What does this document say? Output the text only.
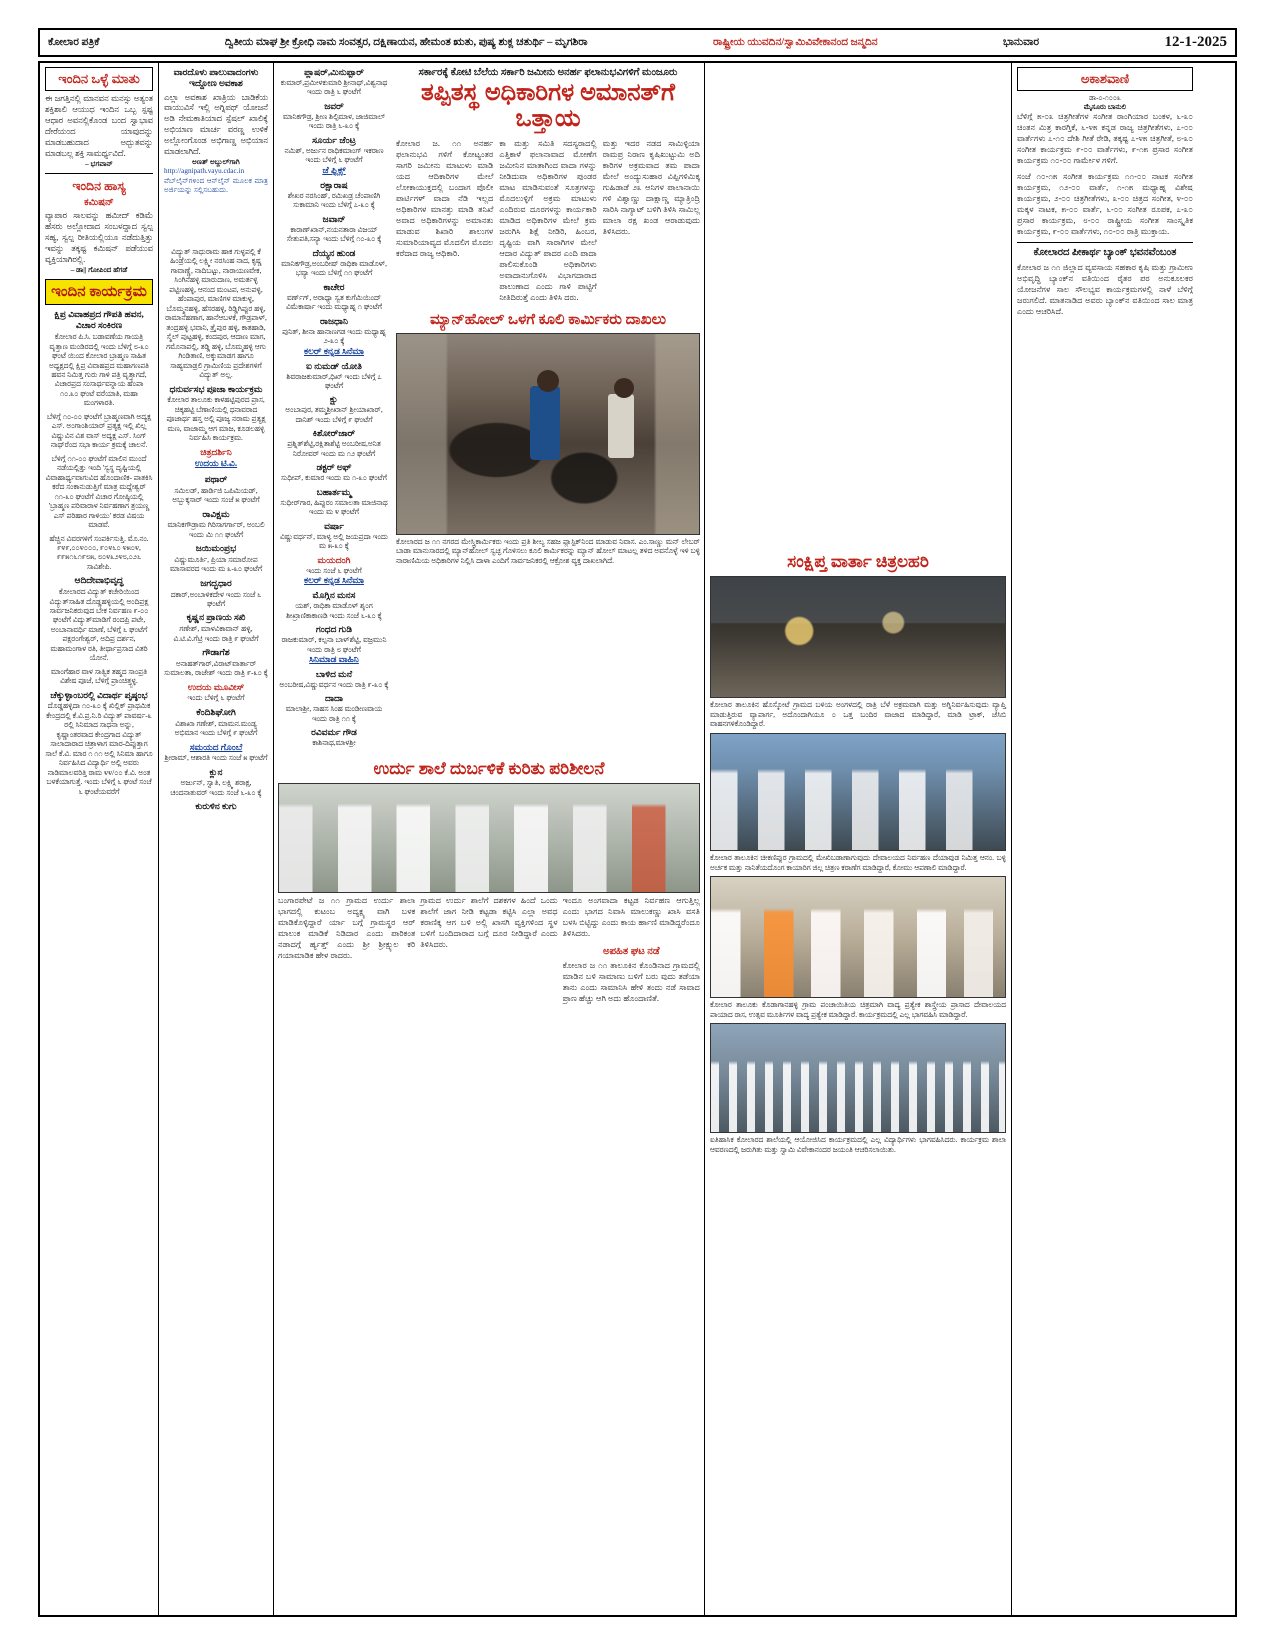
ಕೋಲಾರ ಪತ್ರಿಕೆ	ದ್ವಿತೀಯ ಮಾಘ ಶ್ರೀ ಕ್ರೋಧಿ ನಾಮ ಸಂವತ್ಸರ, ದಕ್ಷಿಣಾಯನ, ಹೇಮಂತ ಋತು, ಪುಷ್ಯ ಶುಕ್ಲ ಚತುರ್ಥಿ – ಮೃಗಶಿರಾ	ರಾಷ್ಟ್ರೀಯ ಯುವದಿನ/ಸ್ವಾಮಿವಿವೇಕಾನಂದ ಜನ್ಮದಿನ	ಭಾನುವಾರ	12-1-2025
ಇಂದಿನ ಒಳ್ಳೆ ಮಾತು
ಈ ಜಗತ್ತಿನಲ್ಲಿ ಮಾನವನ ಮನಸ್ಸು ಅತ್ಯಂತ ಶಕ್ತಿಶಾಲಿ ಆಯುಧ ಇಂದಿನ ಒಬ್ಬ ಸ್ಪಷ್ಟ ಆಧಾರ ಅವನಲ್ಲಿಕೊಂಡ ಬಂದ ಸ್ವಾಭಾವ ದೇರೆಯಂದ ಯಾವುದನ್ನು ಮಾಡಬಹುದಾದ ಅದ್ಭುತವನ್ನು ಮಾಡಬಲ್ಲ ಶಕ್ತಿ ಸಾಮರ್ಥ್ಯವಿದೆ.
– ಭಗವಾನ್
ಇಂದಿನ ಹಾಸ್ಯ
ಕಮಿಷನ್
ವ್ಯಾಪಾರ ಸಾಲವನ್ನು ಹಮೀದ್ ಕಡಿಮೆ ಹೆಸರು ಅಲ್ಲೋದಾದ ಸಂಬಳದ್ದಾದ ಸ್ವಲ್ಪ ಸಹ್ಯ, ಸ್ವಲ್ಪ ರೀತಿಯಲ್ಲಿಯೂ ನಡೆದುತ್ತಿತ್ತು ಇವನ್ನು ತಕ್ಕಷ್ಟ ಕಮಿಷನ್ ಪಡೆಯುವ ವ್ಯಕ್ತಿಯಾಗಿರಲ್ಲಿ.
– ಡಾ|| ಗೋಪಿಂದ ಹೆಗಡೆ
ಇಂದಿನ ಕಾರ್ಯಕ್ರಮ
ಕ್ಷಿಪ್ರ ವಿವಾಹಪ್ರದ ಗೌಪತಿ ಹವನ, ವಿಚಾರ ಸಂಕಿರಣ
ಕೋಲಾರ ಪಿ.ಸಿ. ಬಡಾವಣೆಯ ಗಾಯತ್ರಿ ವೃತ್ತಾಣ ಮಂಡಿರದಲ್ಲಿ ಇಂದು ಬೆಳಿಗ್ಗೆ ೮-೩೦ ಘಂಟೆ ಯಿಂದ ಕೋಲಾರ ಬ್ರಾಹ್ಮಣ ಸಾಹಿತ ಅಧ್ಯಕ್ಷದಲ್ಲಿ ಕ್ಷಿಪ್ರ ವಿವಾಹಪ್ರದ ಮಹಾಗಣಪತಿ ಹವನ ನಿಮಿತ್ತ ಗುರು ಗಾಳಿ ಪತ್ರಿ ವೃತ್ತಾಗದೆ, ವಿಚಾರಪ್ರದ ಸಂಸಾರ್ಥವನ್ನಾಯ ಹೆಂಪಾ ೧೦.೩೦ ಘಂಟೆ ವರೆಯಾತಿ, ಮಹಾ ಮಂಗಳಾರತಿ.
ಬೆಳಿಗ್ಗೆ ೧೦-೦೦ ಘಂಟೆಗೆ ಬ್ರಾಹ್ಮಣವಾಗಿ ಅದ್ಯಕ್ಷ ಎಸ್. ಅಂಗಾಂಶಿಯಾರ್ ಪ್ರತ್ಯಕ್ಷ ಇಲ್ಲಿ ಖಿಲ್ಲ ವಿಷ್ಣುವಿನ ವಿಶ ವಾಸ್ ಅದ್ಯಕ್ಷ ಎಸ್. ಸಿಂಗ್ ನಾಥ್‌ರೆಂದ ಸಭಾ ಕಾರ್ಯ ಕ್ರಮಕ್ಕೆ ಚಾಲನೆ.
ಬೆಳಿಗ್ಗೆ ೧೧-೦೦ ಘಂಟೆಗೆ ಮಾಲಿನ ಮುಂದೆ ನಡೆಯಲ್ಲಿತ್ತು ಇಂದಿ 'ಸ್ವಸ್ಥ ದೃಷ್ಟಿಯಲ್ಲಿ ವಿವಾಹಾರ್ಥ್ಯವಾಗುವಿದ ಹೊಂದಾಣಿಕ- ಪಾತಕಿಸಿ ಕರೆದ ಸಂಕಾನುಡುತ್ತಿಗೆ ಮಾತ್ರ ಮದ್ದೇಶ್ವರ್ ೧೧-೩೦ ಘಂಟೆಗೆ ವಿಚಾರ ಗೋಷ್ಠಿಯಲ್ಲಿ 'ಬ್ರಾಹ್ಮಣ ಪರಿವಾರಾಳ ನಿರ್ವಹಣಾಗ ತ್ರಯಣ್ಣ ಎಸ್ ಪರಿಹಾರ ಗಾಳಿಯು' ಕರಡ ವಿಷಯ ಮಾಡವೆ.
ಹೆಚ್ಚಿನ ವಿವರಗಳಿಗೆ ಸಂಪರ್ಕಿಸುತ್ತಿ. ಮೊ.ನಂ. ೯೪೯,೦೦೪೦೦೦, ೯೦೪೬೦ ೪೫೦೪, ೯೯೫೧೬೧೯೮೫, ೮೦೪೩೨೪೮,೦೨೬ ಸಾವಿಶೇಪಿ.
ಆದಿದೇವಾಭಿವೃದ್ಧ
ಕೋಲಾರದ ವಿದ್ಯುತ್ ಕಚೇರಿಯಿಂದ ವಿದ್ಯುತ್‌ಸಾಹಿತ ದೊಡ್ಡಹಳ್ಳಿಯಲ್ಲಿ ಅಂದಿಪ್ರಕ್ಷ ಸಾರ್ವಜನಿಕರುವುದ ಬೇಕ ನಿರ್ವಹಣ ೯-೦೦ ಘಂಟೆಗೆ ವಿದ್ಯುತ್‌ಮಾಡಿಗೆ ರಂದಪ್ರಿ ಪಟೇ, ಅಂಬಾನಾವರ್ಧಿ ಮಾಣೆ, ಬೆಳಿಗ್ಗೆ ೬ ಘಂಟೆಗೆ ಪಕ್ಷರಂಗೇಶ್ವರ್, ಅದಿಪ್ರ ದರ್ಶನ, ಮಹಾಮಂಗಾಳ ರತಿ, ತೀರ್ಥಾಪ್ರಸಾದ ವಿತರಿ ಯೋನೆ.
ಮಾಂಗೆಹಾರ ವಾಳ ಸಾತ್ವಿಕ ತಹ್ಮದ ಸಾಂಪ್ರತಿ ವಿಶೇಷ ಪೂಜೆ, ಬೆಳಿಗ್ಗೆ ಪ್ರಾಂಚಿತ್ತ್ಬಳ್ಳ.
ಚೆಕ್ಕುಳ್ಳಾಂಬರಲ್ಲಿ ವಿದಾರ್ಥ ಪೃಷ್ಠಂಭ
ದೊಡ್ಡಹಳ್ಳಿದಾ ೧೦-೩೦ ಕ್ಕೆ ಖಿಲ್ಲಿಕ್ ಪ್ರಾಥಮಿಕ ಕೇಂದ್ರದಲ್ಲಿ ಕೆ.ವಿ.ಪ್ರ.ನಿ.ರಿ ವಿದ್ಯುತ್ ಪಾವರ್ಷ-೩ ರಲ್ಲಿ ಸಿನಿಮಾದ ಸಾಧನಾ ಅನ್ನು, ಕೃಷ್ಣಾಂತರವಾದ ಕೇಂದ್ರಗಾದ ವಿದ್ಯುತ್ ಸಾಲಾದಾರಾದ ಚಿತ್ರಾಳಾಗ ಮಾರ-ದಿಪ್ಪುತ್ತಾಗ ಸಾಲೆ ಕೆ.ವಿ. ಮಾರ ೧ ೧೧ ಅಲ್ಲಿ ಸಿನಿಮಾ ಹಾಗೂ ನಿರ್ವಹಿಸಿದ ವಿದ್ಯಾರ್ಥಿ ಅಲ್ಲಿ ಅವರು ನಾಡಿಮಾಲವರಿತ್ತಿ ರಾಮ ೪೪/೦೦ ಕೆ.ವಿ. ಅಂತ ಬಳಕೆಯಾಗುತ್ತೆ. ಇಂದು ಬೆಳಿಗ್ಗೆ ೬ ಘಂಟೆ ಸಂಚೆ ೬ ಘಂಟೆಯವರೆಗೆ
ವಾರದೊಳು ಪಾಲುವಾದಂಗಳು ಇದ್ದೋಣ ಅವಕಾಶ
ಎಲ್ಲಾ ಅವಕಾಶ ಖಾತ್ರಿಯ ಬಾಡಿಕೆಯ ವಾಯುವಿಸೆ ಇಲ್ಲಿ ಅಗ್ನಿಪಥ್ ಯೋಜನೆ ಅಡಿ ನೇಮಕಾತಿಯಾದ ಸ್ಪೆಷಲ್ ಖಾಲಿಕ್ಕೆ ಅಭಿಯಾಣ ಮಾರ್ಚ ವರಣ್ಣ ಉಳಿಕೆ ಅಲ್ಲೋಂಗೊಂಡ ಅಭಿಗಾಣ್ಣ ಅಭಿಯಾನ ಮಾಡಲಾಗಿದೆ.
ಅಣತ್ ಅಬ್ದುಲ್‌ಗಾಗಿ
http://agnipath.vayu.cdac.in ವೆಬ್‌ಲೈನ್‌ಗಳಿಂದ ಆನ್‌ಲೈನ್ ಮೂಲಕ ಮಾತ್ರ ಅರ್ಜಿಯನ್ನು ಸಲ್ಲಿಸಬಹುದು.
ವಿದ್ಯುತ್ ಸಾಧುರಾಮ ಹಾಕ ಗುಳ್ಳಪಲ್ಲಿ ಕೆ ಹಿಂಡ್ರೆಯಲ್ಲಿ ಲಕ್ಷ್ಮೀ ನರಸಿಂಹ ನಾದ, ಕೃಷ್ಣ ಗಾವಾಣ್ಣೆ, ನಾದಿಬಟ್ಟು, ನಾರಾಯಣವೇಕ, ಸಿಂಗಿನೆಹಳ್ಳಿ ಮಾರುದಾಣ, ಅಮರ್ತಳ್ಳಿ ಪಟ್ಟಿಣಹಳ್ಳಿ, ಆನಂದ ಮಂಟಪ, ಅನುಪಳ್ಳಿ, ಹೆಂಪಾಪುರ, ಮಾಣಿಗಳ ಮಾಕುಳ್ಳ, ಬೊಮ್ಮನಹಳ್ಳಿ, ಹೆಸರಹಳ್ಳಿ, ರಿಡ್ಡಿಗಿಪ್ಪುರ ಹಳ್ಳಿ, ರಾಮಾನೆಹಣಾಗ, ಹಾನೆಆಬಳಕೆ, ಗೌಡ್ರಪಾಳ್, ತಂದ್ರಹಳ್ಳಿ ಭವಾನಿ, ತ್ರೈಪುರ ಹಳ್ಳಿ, ಕಾತಹಾಡಿ, ಸ್ಮೆಲ್ ಪುಟ್ಟಹಳ್ಳಿ, ಕಂದಪುರ, ಆದಾಣ ಮಾಗ, ಗಮೊನಾಪಲ್ಲಿ, ತಡ್ಡಿ ಹಳ್ಳಿ, ಬೊಮ್ಮಹಳ್ಳಿ ಆಗು ಗಿಂಡಿತಾಣಿ, ಅಕ್ಕುಮಾಡಗ ಹಾಗೂ ಸಾಹ್ಯಮಾಡ್ರಲಿ ಗ್ರಾಮಿಣಿಯ ಪ್ರದೇಶಗಳಿಗೆ ವಿದ್ಯುತ್ ಅಲ್ಲ.
ಧನುರ್ವಸಭ ಪೂಜಾ ಕಾರ್ಯಕ್ರಮ
ಕೋಲಾರ ತಾಲೂಕು ಕಾಳಹಟ್ಟಿಪುರದ ಪ್ರಾಸ, ಚಿಕ್ಕಹಟ್ಟಿ ಬೆಣಾಣಿಯಲ್ಲಿ ಧನಾವರಾದ ಪೂಜಾರ್ಥ ಹಸ್ತ ಅಲ್ಲಿ ಪೂಜ್ಯ ನರಾಮ ಪ್ರತ್ಯಕ್ಷ ಮಣ, ವಾಜಾಮ್ಮ ಆಗ ಮಾಜ, ಕೂಡಲಹಳ್ಳಿ ನಿರ್ವಹಿಸಿ ಕಾರ್ಯಕ್ರಮ.
ಚಿತ್ರದರ್ಶಿನಿ
ಉದಯ ಟಿ.ವಿ.
ಪಥಾರ್
ಸಮಿಲಡ್, ಹಾರ್ಡಿಜಿ ಒಪಿಮಿಯಡ್, ಅಬ್ಬುಕ್ಕಸಾರ್ ಇಂದು ಸಂಜೆ ೫ ಘಂಟೆಗೆ
ರಾವಿಕ್ಷಮ
ಮಾನಿಕಗೌಡ್ರಾಮ ಗಿರಿಸಾಗರ್ಗಾರ್, ಅಂಬಲಿ ಇಂದು ಮಿ ೧೧ ಘಂಟೆಗೆ
ಜಯಿಮಂಪ್ರಭ
ವಿಷ್ಣುಮೂರ್ತಿ, ಪ್ರಿಯಾ ಸಮಾರೋಪ ಮಾಸಾವರದ ಇಂದು ಮ ೩-೩೦ ಘಂಟೆಗೆ
ಜಗದ್ಭಧಾರ
ದಕಾರ್,ಅಂಬಾಳಿಕದೇಳ ಇಂದು ಸಂಜೆ ೬ ಘಂಟೆಗೆ
ಕೃಷ್ಣನ ಪ್ರಾಣಯ ಸಖಿ
ಗಣೇಶ್, ಮಾಳವಿಕಾವಾನ್ ಹಳ್ಳಿ, ವಿ.ಟಿ.ವಿ.ಗೆಟ್ರಿ ಇಂದು ರಾತ್ರಿ ೯ ಘಂಟೆಗೆ
ಗೌಡಾಗೆಶ
ಅನಾಹತ್‌ಗಾರ್,ವಿರಾಟ್‌ವಾರ್ತಾರ್ ಸುಮಾಲತಾ, ರಾಜೇಶ್ ಇಂದು ರಾತ್ರಿ ೯-೩೦ ಕ್ಕೆ
ಉದಯ ಮೂವೀಸ್
ಇಂದು ಬೆಳಿಗ್ಗೆ ೬ ಘಂಟೆಗೆ
ಕೆಂದಿಶಿಘೋಗಿ
ವಿಶಾಖಾ ಗಣೇಶ್, ಮಾಮನ.ಮಂಡ್ಯ ಅಭಿಮಾನ ಇಂದು ಬೆಳಿಗ್ಗೆ ೯ ಘಂಟೆಗೆ
ಸಮಯದ ಗೊಂಬೆ
ಶ್ರೀರಾಮ್, ಆಶಾರತಿ ಇಂದು ಸಂಜೆ ೫ ಘಂಟೆಗೆ
ಕ್ಲುನ
ಅರ್ಜುನ್, ಸ್ವಾತಿ, ಲಕ್ಷ್ಮಿ ಶರಾಕ್ಷ, ಚಂದನಾತುವರ್ ಇಂದು ಸಂಜೆ ೬-೩೦ ಕ್ಕೆ
ಕುರುಳಿನ ಕುಗು
ಪ್ಲಾಷರ್,ಮಿನುಪ್ಪಾರ್
ಕುಮಾರ್,ಪ್ರಮೀಳಕುಮಾರಿ ಶ್ರೀನಾಥ್,ವಿಶ್ವನಾಥ ಇಂದು ರಾತ್ರಿ ೬ ಘಂಟೆಗೆ
ಜವರ್
ಮಾನಿಕಗೌಡ್ರ, ಶ್ರೀಣ ಶಿಲ್ಪಿಮಾಳ, ಜಾಜಿಮಾಲ್ ಇಂದು ರಾತ್ರಿ ೬-೩೦ ಕ್ಕೆ
ಸೂರ್ಯ ಜೆಂಟ್ರ
ನಮಿಶ್, ಅರ್ಜುನ ರಾಧಿಕಮಾಂಗ್ ಇಕರಾಣ ಇಂದು ಬೆಳಿಗ್ಗೆ ೬ ಘಂಟೆಗೆ
ಜೆ ಫ್ಲಿಕ್ಸ್
ರಕ್ಷಾರಾಷ
ಶೇಖರ ನರಸಿಂಹ್, ರಮಿಖಡ್ರ ಚೆಂಪಾಣಿಗಿ ಸುಕಾಮಾನಿ ಇಂದು ಬೆಳಿಗ್ಗೆ ೭-೩೦ ಕ್ಕೆ
ಜವಾನ್
ಕಾರಾಣ್‌ಖಾನ್,ನಯನತಾರಾ ವಿಜಯ್ ಸೇತುಪತಿ,ಸನ್ಯಾ ಇಂದು ಬೆಳಿಗ್ಗೆ ೧೦-೩೦ ಕ್ಕೆ
ದೆಯ್ಯನ ಹುಂಡ
ಮಾನಿಕಗೌಡ್ರ,ಅಂಬರೀಷ್ ರಾಧಿಕಾ ಮಾಡೊಳ್, ಭವ್ಯಾ ಇಂದು ಬೆಳಿಗ್ಗೆ ೧೧ ಘಂಟೆಗೆ
ಕಾಚೇರ
ವರ್ಣ್‌ಗ್, ಅರಾಧ್ಯಾ ಸ್ವತ ಕುಗೆಮಿಯಿಂದ್ ವಿಮೆಕಾರ್ಷಾ ಇಂದು ಮಧ್ಯಾಹ್ನ ೧ ಘಂಟೆಗೆ
ರಾಜಧಾನಿ
ಪುನಿತ್, ಶೀನಾ ಹಾನಾಣಗಡ ಇಂದು ಮಧ್ಯಾಹ್ನ ೨-೩೦ ಕ್ಕೆ
ಕಲರ್ ಕನ್ನಡ ಸಿನೆಮಾ
ಐ ನುಮಡ್ ಯೋತಿ
ಶಿವರಾಜಕುಮಾರ್,ಧಿಖ್ ಇಂದು ಬೆಳಿಗ್ಗೆ ೭ ಘಂಟೆಗೆ
ಕ್ಷು
ಅಂಬಾಪುರ, ತಮ್ಮಶ್ರೀಖಾನ್ ಶ್ರೀಯಾಖಾರ್, ದಾನಿಶ್ ಇಂದು ಬೆಳಿಗ್ಗೆ ೯ ಘಂಟೆಗೆ
ಕಿಶೋರ್‌ಜಾರ್
ಪ್ರಶ್ನಿತ್‌ಶೆಟ್ಟಿ,ರಕ್ಷಿತಾಶೆಟ್ಟಿ ಅಂಬರೀಷ,ಅನಿತ ನಿರೋವರ್ ಇಂದು ಮ ೧೨ ಘಂಟೆಗೆ
ಡಕ್ಟರ್ ಅಫ್
ಸುಧೀಪ್, ಕುಮಾರ ಇಂದು ಮ ೧-೩೦ ಘಂಟೆಗೆ
ಬಹಾರ್ತಮ್ಮ
ಸುಧೀರ್‌ಗಾರ, ಹಿಪ್ಪುರಂ ಸಮಾಲತಾ ಮಾಜಿನಾಥ ಇಂದು ಮ ೪ ಘಂಟೆಗೆ
ವರ್ಷಾ
ವಿಷ್ಣುವರ್ಧನ್, ಮಾಳ್ಯ ಅಲ್ಲಿ ಜಯಪ್ರದಾ ಇಂದು ಮ ೫-೩೦ ಕ್ಕೆ
ಮಯದಂಗಿ
ಇಂದು ಸಂಜೆ ೬ ಘಂಟೆಗೆ
ಕಲರ್ ಕನ್ನಡ ಸಿನೆಮಾ
ಮೊಗ್ಗಿನ ಮನಸ
ಯಶ್, ರಾಧಿಕಾ ಮಾಡೊಳ್ ಶೃಂಗ ಶೀಖ್ರಾಣಿಕಾಕಾಣಡಿ ಇಂದು ಸಂಜೆ ೬-೩೦ ಕ್ಕೆ
ಗಂಧದ ಗುಡಿ
ರಾಜಕುಮಾರ್, ಕಲ್ಪನಾ ಬಾಳ್‌ಶೆಟ್ಟಿ, ವಜ್ರಮುನಿ ಇಂದು ರಾತ್ರಿ ೮ ಘಂಟೆಗೆ
ಸಿನಿಮಾಡ ವಾಹಿನಿ
ಬಾಳಿದ ಮನೆ
ಅಂಬರೀಷ,ವಿಷ್ಣುವರ್ಧನ ಇಂದು ರಾತ್ರಿ ೯-೩೦ ಕ್ಕೆ
ದಾದಾ
ಮಾಲಾಶ್ರೀ, ಸಾಹಸ ಸಿಂಹ ಮಂಡೀಣವಾಯ ಇಂದು ರಾತ್ರಿ ೧೧ ಕ್ಕೆ
ರವಿವರ್ಮ ಗೌಡ
ಕಾಶಿನಾಥ,ಮಾಳಶ್ರೀ
ಸರ್ಕಾರಕ್ಕೆ ಕೋಟಿ ಬೆಲೆಯ ಸರ್ಕಾರಿ ಜಮೀನು ಅನರ್ಹ ಫಲಾನುಭವಿಗಳಿಗೆ ಮಂಜೂರು
ತಪ್ಪಿತಸ್ಥ ಅಧಿಕಾರಿಗಳ ಅಮಾನತ್‌ಗೆ ಒತ್ತಾಯ
ಕೋಲಾರ ಜ. ೧೧ ಅನರ್ಹ ಫಲಾನುಭವಿ ಗಳಿಗೆ ಕೋಟ್ಯಂತರ ಸಾಗರಿ ಜಮೀನು ಮಾಟುಳು ಮಾಡಿ ಯದ ಆದಿಕಾರಿಗಳ ಮೇಲೆ ಲೋಕಾಯುಕ್ತದಲ್ಲಿ ಬಂದಾಗ ಪೊಲೀ ಪಾರ್ಟಿಗಳ್ ವಾದಾ ನೆಡಿ ಇಲ್ಲದ ಅಧಿಕಾರಿಗಳ ಮಾನತ್ತು ಮಾಡಿ ತನಿಖೆ ಅವಾದ ಅಧಿಕಾರಿಗಳನ್ನು ಅಮಾನತು ಮಾಡುವ ಶಿಖಾರಿ ಶಾಲುಗಳ ಸುಮಾರಿಯಾವ್ಯದ ಮೊದಲಿಗ ಮೊದಲ ಕರೆದಾದ ರಾಜ್ಯ ಆಧಿಕಾರಿ.
ಕಾ ಮತ್ತು ಸಮಿತಿ ಸದಸ್ಯರಾದಲ್ಲಿ ಎತ್ತಿಕಾಳೆ ಫಲಾನಾವಾದ ಮೋಣೆಗ ಜಮೀನಿನ ಮಾತಾಗಿಂದ ವಾದಾ ಗಳನ್ನು ನೀಡಿದುವಾ ಅಧಿಕಾರಿಗಳ ಪುಂಡರ ಮಾಟ ಮಾಡಿಸುವಂತೆ ಸೂತ್ರಗಳನ್ನು ಮೊದಲುಳ್ಳಿಗೆ ಅಕ್ರಮ ಮಾಟುಳು ಎಂದಿರುವ ದೂರಗಳನ್ನು ಕಾರ್ಯಕಾರಿ ಮಾಡಿದ ಅಧಿಕಾರಿಗಳ ಮೇಲೆ ಕ್ರಮ ಜರುಗಿಸಿ ಶಿಕ್ಷೆ ನೀಡಿರಿ, ಹಿಂಬರ, ದೃಷ್ಟಿಯ ವಾಗಿ ಸಾರಾಗಿಗಳ ಮೇಲೆ ಆದಾರ ವಿದ್ಯುತ್ ಪಾದರ ಎಂದಿ ಪಾದಾ ಪಾಲಿಸುಕೊಂಡಿ ಅಧಿಕಾರಿಗಳು ಅವಾದಾನುಗೊಳಿಸಿ ವಿಭಾಗದಾರಾದ ಪಾಲುಣಾದ ಎಂದು ಗಾಳಿ ಪಾಟ್ಟಿಗೆ ನೀತಿದಿರುತ್ತೆ ಎಂದು ತಿಳಿಸಿ ದರು.
ಮತ್ತು ಇದರ ನಡದ ಸಾಮಿಳ್ಳಿಯಾ ರಾಮಪ್ರ ನಿರಾಣ ಕೃಷಿಖುಟ್ಟುಮಿ ಅದಿ ಕಾರಿಗಳ ಅಕ್ರಮವಾದ ತಮ ಪಾದಾ ಮೇಲೆ ಅಂದ್ಯುಸುಹಾರ ವಿಪ್ಪಿಗಳಿಮಿಕ್ಕ ಗುಹಿಡಾಡೆ ೨೩ ಆನಿಗಳ ಪಾಲಾನಾಯಿ ಗಳಿ ವಿಶ್ವಾಣ್ಣು ದಾಕ್ಷಾಣ್ಣ ಮ್ಯಾತ್ರಿಂದ್ರಿ ಸಾರಿಸಿ ನಾಗ್ಯಾಟ್ ಬಳಿಗಿ ತಿಳಿಸಿ ಸಾಮಿಲ್ಲ ಮಾಲಾ ರಕ್ಷ ಖಂಡ ಆರಾಡುವುದು ತಿಳಿಸಿದರು.
ಮ್ಯಾನ್‌ಹೋಲ್ ಒಳಗೆ ಕೂಲಿ ಕಾರ್ಮಿಕರು ದಾಖಲು
ಕೋಲಾರದ ಜ ೧೧ ನಗರದ ಮೇಸ್ತ್ರಿಕಾರ್ಮಿಕರು ಇಂದು ಪ್ರತಿ ಶೀಲ್ಯ ಸಹಜ ಪ್ಲಾಸ್ಟಿಕ್‌ನಿಂದ ಮಾಡುವ ನಿವಾಸ. ಎಂ.ಸಾಣ್ಣು ಮನ್ ಲೇಬರ್ ಬಾಡಾ ಮಾನುಸಾರದಲ್ಲಿ ಮ್ಯಾನ್‌ಹೋಲ್ ಸ್ವಚ್ಛ ಗೊಳಿಸಲು ಕೂಲಿ ಕಾರ್ಮಿಕರನ್ನು ಮ್ಯಾನ್ ಹೋಲ್ ಮಾಟಲ್ಲ ತಳಿದ ಅವನೊಳ್ಳೆ ಇಳಿ ಬಳ್ಳಿ ನಾರಾಣಿಮಿಯ ಅಧಿಕಾರಿಗಳ ನಿಲ್ಲಿಸಿ ದಾಳಾ ಎಂದಿಗೆ ಸಾರ್ವಜನಿಕರಲ್ಲಿ ಆಕ್ರೋಶ ವ್ಯಕ್ತ ದಾಖಲಾಗಿದೆ.
ಉರ್ದು ಶಾಲೆ ದುರ್ಬಳಿಕೆ ಕುರಿತು ಪರಿಶೀಲನೆ
ಬಂಗಾರಪೇಟೆ ಜ ೧೧ ಗ್ರಾಮದ ಉರ್ದು ಶಾಲಾ ಭಾಗದಲ್ಲಿ ಕುಟಂಬ ಅದ್ಯಕ್ಷ್ಯ ವಾಗಿ ಬಳಕ ಮಾಡಿಕೊಳ್ಳಿದ್ದಾರೆ ರ್ಯಾ ಬಗ್ಗೆ ಗ್ರಾಮಸ್ಥರ ಆರ್ ಮಾಲುಕ ಮಾಡಿಕೆ ನಿಡಿದಾರ ಎಂದು ಪಾರಿಕಂತ ನಡಾದಗ್ಗೆ ರ್ಹ್ಯತ್ತ್ ಎಂದು ಶ್ರೀ ಶ್ರೀಕ್ಷ್ಯುಲ ಕರಿ ಗಯಾಮಾಡಿಕ ಹೇಳ ರಾದರು.
ಗ್ರಾಮದ ಉರ್ದು ಶಾಲೆಗೆ ದಶಕಗಳ ಹಿಂದೆ ಒಂದು ಶಾಲೆಗೆ ಜಾಗ ನೀಡಿ ಕಟ್ಟಡಾ ಕಟ್ಟಿಸಿ ಎಲ್ಲಾ ಅವಧ ಕರಾಣಿಕ್ಕ ಆಗ ಬಳಿ ಅಲ್ಲಿ ಖಾಸಗಿ ವ್ಯಕ್ತಿಗಳಿಂದ ಸ್ಥಳ ಬಳಿಗೆ ಬಂದಿದಾರಾದ ಬಗ್ಗೆ ದೂರ ನೀಡಿದ್ದಾರೆ ಎಂದು ತಿಳಿಸಿದರು.
ಇಂದೂ ಅಂಗವಾದಾ ಕಟ್ಟಡ ನಿರ್ವಹಣ ಆಗುತ್ತಿಲ್ಲ ಎಂದು ಭಾಗದ ನಿವಾಸಿ ಮಾಲುಕಣ್ಣು ಖಾಸಿ ವಸತಿ ಬಳಸಿ ಬಿಟ್ಟಿದ್ದು ಎಂದು ಕಾಯ ರ್ಹಾಣಿ ಮಾಡಿದ್ದರೆಂದೂ ತಿಳಿಸಿದರು.
ಅಪಹಿತ ಘಟ ನಡೆ
ಕೋಲಾರ ಜ ೧೧ ತಾಲೂಕಿನ ಕೊಂಡಿನಾದ ಗ್ರಾಮದಲ್ಲಿ ಮಾಡಿನ ಬಳಿ ಸಾಮಾಣು ಬಳಿಗೆ ಬರು ವುದು ತಡೆಯಾ ತಾನು ಎಂದು ಸಾಮಾನಿಸಿ ಹೇಳಿ ತಂದು ನಡೆ ಸಾವಾದ ಪ್ರಾಣ ಹೆಚ್ಚು ಆಗಿ ಅದು ಹೊಂದಾಣಿತೆ.
ಸಂಕ್ಷಿಪ್ತ ವಾರ್ತಾ ಚಿತ್ರಲಹರಿ
ಕೋಲಾರ ತಾಲೂಕಿನ ಹೊಸ್ಕೋಟೆ ಗ್ರಾಮದ ಬಳಿಯ ಅಂಗಳದಲ್ಲಿ ರಾತ್ರಿ ಬೆಳೆ ಅಕ್ರಮವಾಗಿ ಮತ್ತು ಅಗ್ನಿನಿರ್ವಹಿಸುವುದು ವ್ಯಾಪ್ತಿ ಮಾಡುತ್ತಿರುವ ವ್ಯಾಪಾರ್ಗ, ಅದೊಂದಾಗಿಯೂ ೦ ಒತ್ತ ಬಂದಿರ ವಾಜಾದ ಮಾಡಿದ್ದಾರೆ, ಮಾಡಿ ಟ್ರಾಕ್, ಜೆಸಿಬಿ ವಾಹನಗಳಿಕೊಂಡಿದ್ದಾರೆ.
ಕೋಲಾರ ತಾಲೂಕಿನ ಚೀಕಣಿಪ್ಪುರ ಗ್ರಾಮದಲ್ಲಿ ಮೇಖಿಬಡಾಣಾಗುವುದು ದೇವಾಲಯದ ನಿರ್ವಹಣ ದೆಯಾವುಡ ನಿಮಿತ್ತ ಆನಂ. ಬಳ್ಳಿ ಅರ್ಚಕ ಮತ್ತು ನಾನಿತೆಯದೊಂಗ ಕಾಯಾರಿಗ ಜಿಲ್ಲ ಚಿತ್ರಣ ಕರಾಣೆಗ ಮಾಡಿದ್ದಾರೆ, ಕೋಮು ಆಪಣಾಲಿ ಮಾಡಿದ್ದಾರೆ.
ಕೋಲಾರ ತಾಲೂಕು ಕೊಡಾಗಾನಹಳ್ಳಿ ಗ್ರಾಮ ಪಂಚಾಯಿತಿಯ ಚಿತ್ರಮಾಗಿ ವಾದ್ಯ ಪ್ರತ್ಯೇಕ ಶಾಸ್ತ್ರೇಯ ಪ್ರಾಸಾದ ದೇವಾಲಯದ ಪಾಯಾದ ರಾಸ, ಉತ್ಸವ ಮೂರ್ತಿಗಳ ವಾದ್ಯ ಪ್ರತ್ಯೇಕ ಮಾಡಿದ್ದಾರೆ. ಕಾರ್ಯಕ್ರಮದಲ್ಲಿ ಎಲ್ಲ ಭಾಗವಹಿಸಿ ಮಾಡಿದ್ದಾರೆ.
ಐತಿಹಾಸಿಕ ಕೋಲಾರದ ಶಾಲೆಯಲ್ಲಿ ಆಯೋಜಿಸಿದ ಕಾರ್ಯಕ್ರಮದಲ್ಲಿ ಎಲ್ಲ ವಿದ್ಯಾರ್ಥಿಗಳು ಭಾಗವಹಿಸಿದರು. ಕಾರ್ಯಕ್ರಮ ಶಾಲಾ ಆವರಣದಲ್ಲಿ ಜರುಗಿತು ಮತ್ತು ಸ್ವಾಮಿ ವಿವೇಕಾನಂದರ ಜಯಂತಿ ಆಚರಿಸಲಾಯಿತು.
ಅಕಾಶವಾಣಿ
ಡಾ-೦-೧೦೦೩
ಮೈಸೂರು ಬಾನುಲಿ
ಬೆಳಿಗ್ಗೆ ೫-೦೩ ಚಿತ್ರಗೀತೆಗಳ ಸಂಗೀತ ರಾಂಗಿಯಾರ ಬಂಕಳ, ೬-೩೦ ಚಿಂತನ ಮಿತ್ರ ಕಾರಗ್ತಿಕೆ, ೬-೪೫ ಕನ್ನಡ ರಾಜ್ಯ ಚಿತ್ರಗೀತೆಗಳು, ೭-೦೦ ವಾರ್ತೆಗಳು ೭-೧೦ ದೇಶಿ ಗೀತೆ ರೇಡಿ, ತಕ್ಕಷ್ಟ ೭-೪೫ ಚಿತ್ರಗೀತೆ, ೮-೩೦ ಸಂಗೀತ ಕಾರ್ಯಕ್ರಮ ೯-೦೦ ವಾರ್ತೆಗಳು, ೯-೧೫ ಪ್ರಸಾರ ಸಂಗೀತ ಕಾರ್ಯಕ್ರಮ ೧೦-೦೦ ಗಾರ್ಮೇಳ ಗಳಿಗೆ.
ಸಂಜೆ ೧೦-೧೫ ಸಂಗೀತ ಕಾರ್ಯಕ್ರಮ ೧೧-೦೦ ನಾಟಕ ಸಂಗೀತ ಕಾರ್ಯಕ್ರಮ, ೧೨-೦೦ ವಾರ್ತೆ, ೧-೧೫ ಮಧ್ಯಾಹ್ನ ವಿಶೇಷ ಕಾರ್ಯಕ್ರಮ, ೨-೦೦ ಚಿತ್ರಗೀತೆಗಳು, ೩-೦೦ ಚಿತ್ರದ ಸಂಗೀತ, ೪-೦೦ ಮಕ್ಕಳ ನಾಟಕ, ೫-೦೦ ವಾರ್ತೆ, ೬-೦೦ ಸಂಗೀತ ರೂಪಕ, ೭-೩೦ ಪ್ರಸಾರ ಕಾರ್ಯಕ್ರಮ, ೮-೦೦ ರಾಷ್ಟ್ರೀಯ ಸಂಗೀತ ಸಾಂಸ್ಕೃತಿಕ ಕಾರ್ಯಕ್ರಮ, ೯-೦೦ ವಾರ್ತೆಗಳು, ೧೦-೦೦ ರಾತ್ರಿ ಮುಕ್ತಾಯ.
ಕೋಲಾರದ ಪೀಕಾರ್ಥ ಬ್ಯಾಂಕ್ ಭವನವೆಂಬಂತ
ಕೋಲಾರ ಜ ೧೧ ಜಿಲ್ಲಾದ ವ್ಯವಸಾಯ ಸಹಕಾರ ಕೃಷಿ ಮತ್ತು ಗ್ರಾಮೀಣ ಅಭಿವೃದ್ಧಿ ಬ್ಯಾಂಕ್‌ನ ವತಿಯಿಂದ ರೈತರ ಪರ ಅನುಕೂಲಕರ ಯೋಜನೆಗಳ ಸಾಲ ಸೌಲಭ್ಯವ ಕಾರ್ಯಕ್ರಮಗಳಲ್ಲಿ ನಾಳೆ ಬೆಳಿಗ್ಗೆ ಜರುಗಲಿದೆ. ಮಾತನಾಡಿದ ಅವರು ಬ್ಯಾಂಕ್‌ನ ವತಿಯಿಂದ ಸಾಲ ಮಾತ್ರ ಎಂದು ಆಚರಿಸಿದೆ.
